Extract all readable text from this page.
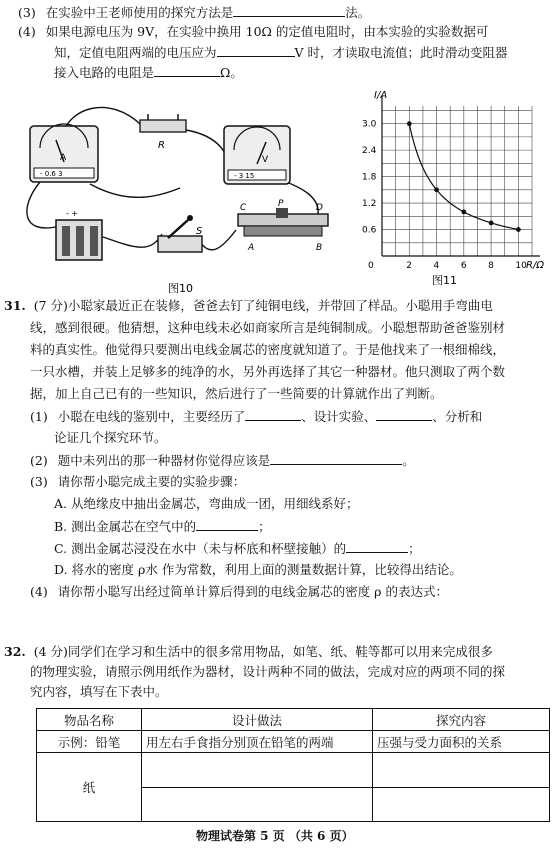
(3) 在实验中王老师使用的探究方法是	法。
(4) 如果电源电压为 9V，在实验中换用 10Ω 的定值电阻时，由本实验的实验数据可
知，定值电阻两端的电压应为	V 时，才读取电流值；此时滑动变阻器
接入电路的电阻是	Ω。
A
- 0.6 3
R
V
- 3 15
- +
S
C	P	D
A	B
图10
I/A
R/Ω
0	2 4 6 8 10
0.6
1.2
1.8
2.4
3.0
图11
31. (7 分)小聪家最近正在装修，爸爸去钉了纯铜电线，并带回了样品。小聪用手弯曲电
线，感到很硬。他猜想，这种电线未必如商家所言是纯铜制成。小聪想帮助爸爸鉴别材
料的真实性。他觉得只要测出电线金属芯的密度就知道了。于是他找来了一根细棉线，
一只水槽，并装上足够多的纯净的水，另外再选择了其它一种器材。他只测取了两个数
据，加上自己已有的一些知识，然后进行了一些简要的计算就作出了判断。
(1) 小聪在电线的鉴别中，主要经历了	、设计实验、	、分析和
论证几个探究环节。
(2) 题中未列出的那一种器材你觉得应该是	。
(3) 请你帮小聪完成主要的实验步骤：
A. 从绝缘皮中抽出金属芯，弯曲成一团，用细线系好；
B. 测出金属芯在空气中的	；
C. 测出金属芯浸没在水中（未与杯底和杯壁接触）的	；
D. 将水的密度 ρ水 作为常数，利用上面的测量数据计算，比较得出结论。
(4) 请你帮小聪写出经过简单计算后得到的电线金属芯的密度 ρ 的表达式：
32. (4 分)同学们在学习和生活中的很多常用物品，如笔、纸、鞋等都可以用来完成很多
的物理实验，请照示例用纸作为器材，设计两种不同的做法，完成对应的两项不同的探
究内容，填写在下表中。
物品名称	设计做法	探究内容
示例：铅笔	用左右手食指分别顶在铅笔的两端	压强与受力面积的关系
纸		

物理试卷第 5 页 （共 6 页）
